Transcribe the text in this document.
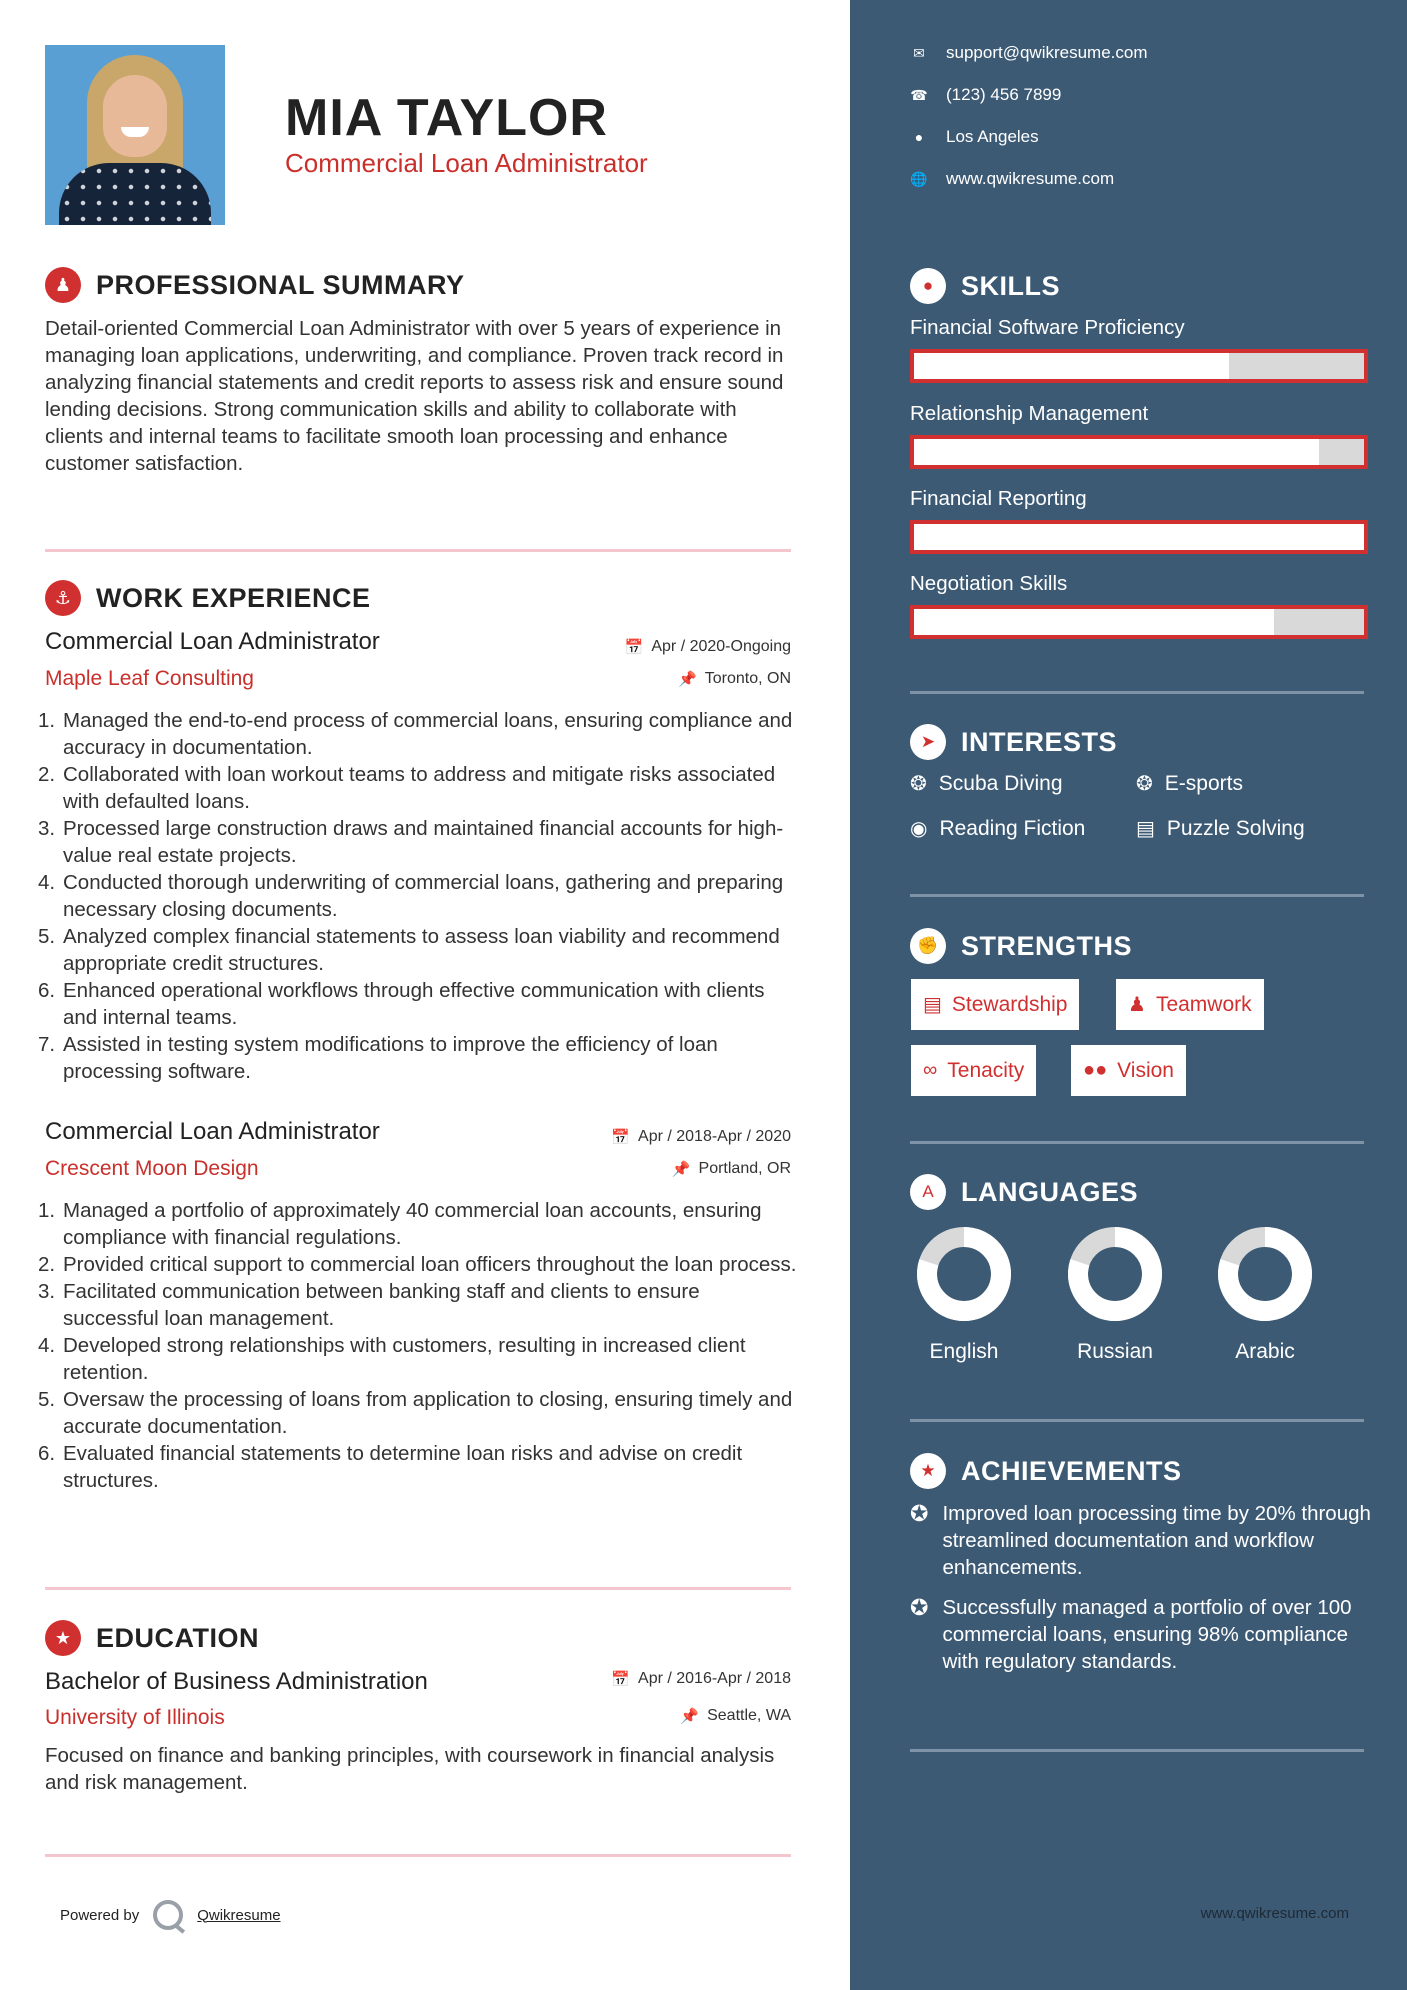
MIA TAYLOR
Commercial Loan Administrator
♟ PROFESSIONAL SUMMARY
Detail-oriented Commercial Loan Administrator with over 5 years of experience in managing loan applications, underwriting, and compliance. Proven track record in analyzing financial statements and credit reports to assess risk and ensure sound lending decisions. Strong communication skills and ability to collaborate with clients and internal teams to facilitate smooth loan processing and enhance customer satisfaction.
⚓ WORK EXPERIENCE
Commercial Loan Administrator	📅 Apr / 2020-Ongoing
Maple Leaf Consulting	📌 Toronto, ON
Managed the end-to-end process of commercial loans, ensuring compliance and accuracy in documentation.
Collaborated with loan workout teams to address and mitigate risks associated with defaulted loans.
Processed large construction draws and maintained financial accounts for high-value real estate projects.
Conducted thorough underwriting of commercial loans, gathering and preparing necessary closing documents.
Analyzed complex financial statements to assess loan viability and recommend appropriate credit structures.
Enhanced operational workflows through effective communication with clients and internal teams.
Assisted in testing system modifications to improve the efficiency of loan processing software.
Commercial Loan Administrator	📅 Apr / 2018-Apr / 2020
Crescent Moon Design	📌 Portland, OR
Managed a portfolio of approximately 40 commercial loan accounts, ensuring compliance with financial regulations.
Provided critical support to commercial loan officers throughout the loan process.
Facilitated communication between banking staff and clients to ensure successful loan management.
Developed strong relationships with customers, resulting in increased client retention.
Oversaw the processing of loans from application to closing, ensuring timely and accurate documentation.
Evaluated financial statements to determine loan risks and advise on credit structures.
★ EDUCATION
Bachelor of Business Administration	📅 Apr / 2016-Apr / 2018
University of Illinois	📌 Seattle, WA
Focused on finance and banking principles, with coursework in financial analysis and risk management.
Powered by	Qwikresume
✉ support@qwikresume.com
☎ (123) 456 7899
● Los Angeles
🌐 www.qwikresume.com
●	SKILLS
Financial Software Proficiency
Relationship Management
Financial Reporting
Negotiation Skills
➤ INTERESTS
❂ Scuba Diving	❂ E-sports
◉ Reading Fiction	▤ Puzzle Solving
✊ STRENGTHS
▤ Stewardship	♟ Teamwork
∞ Tenacity	●● Vision
A	LANGUAGES
English	Russian	Arabic
★ ACHIEVEMENTS
✪ Improved loan processing time by 20% through streamlined documentation and workflow enhancements.
✪ Successfully managed a portfolio of over 100 commercial loans, ensuring 98% compliance with regulatory standards.
www.qwikresume.com
